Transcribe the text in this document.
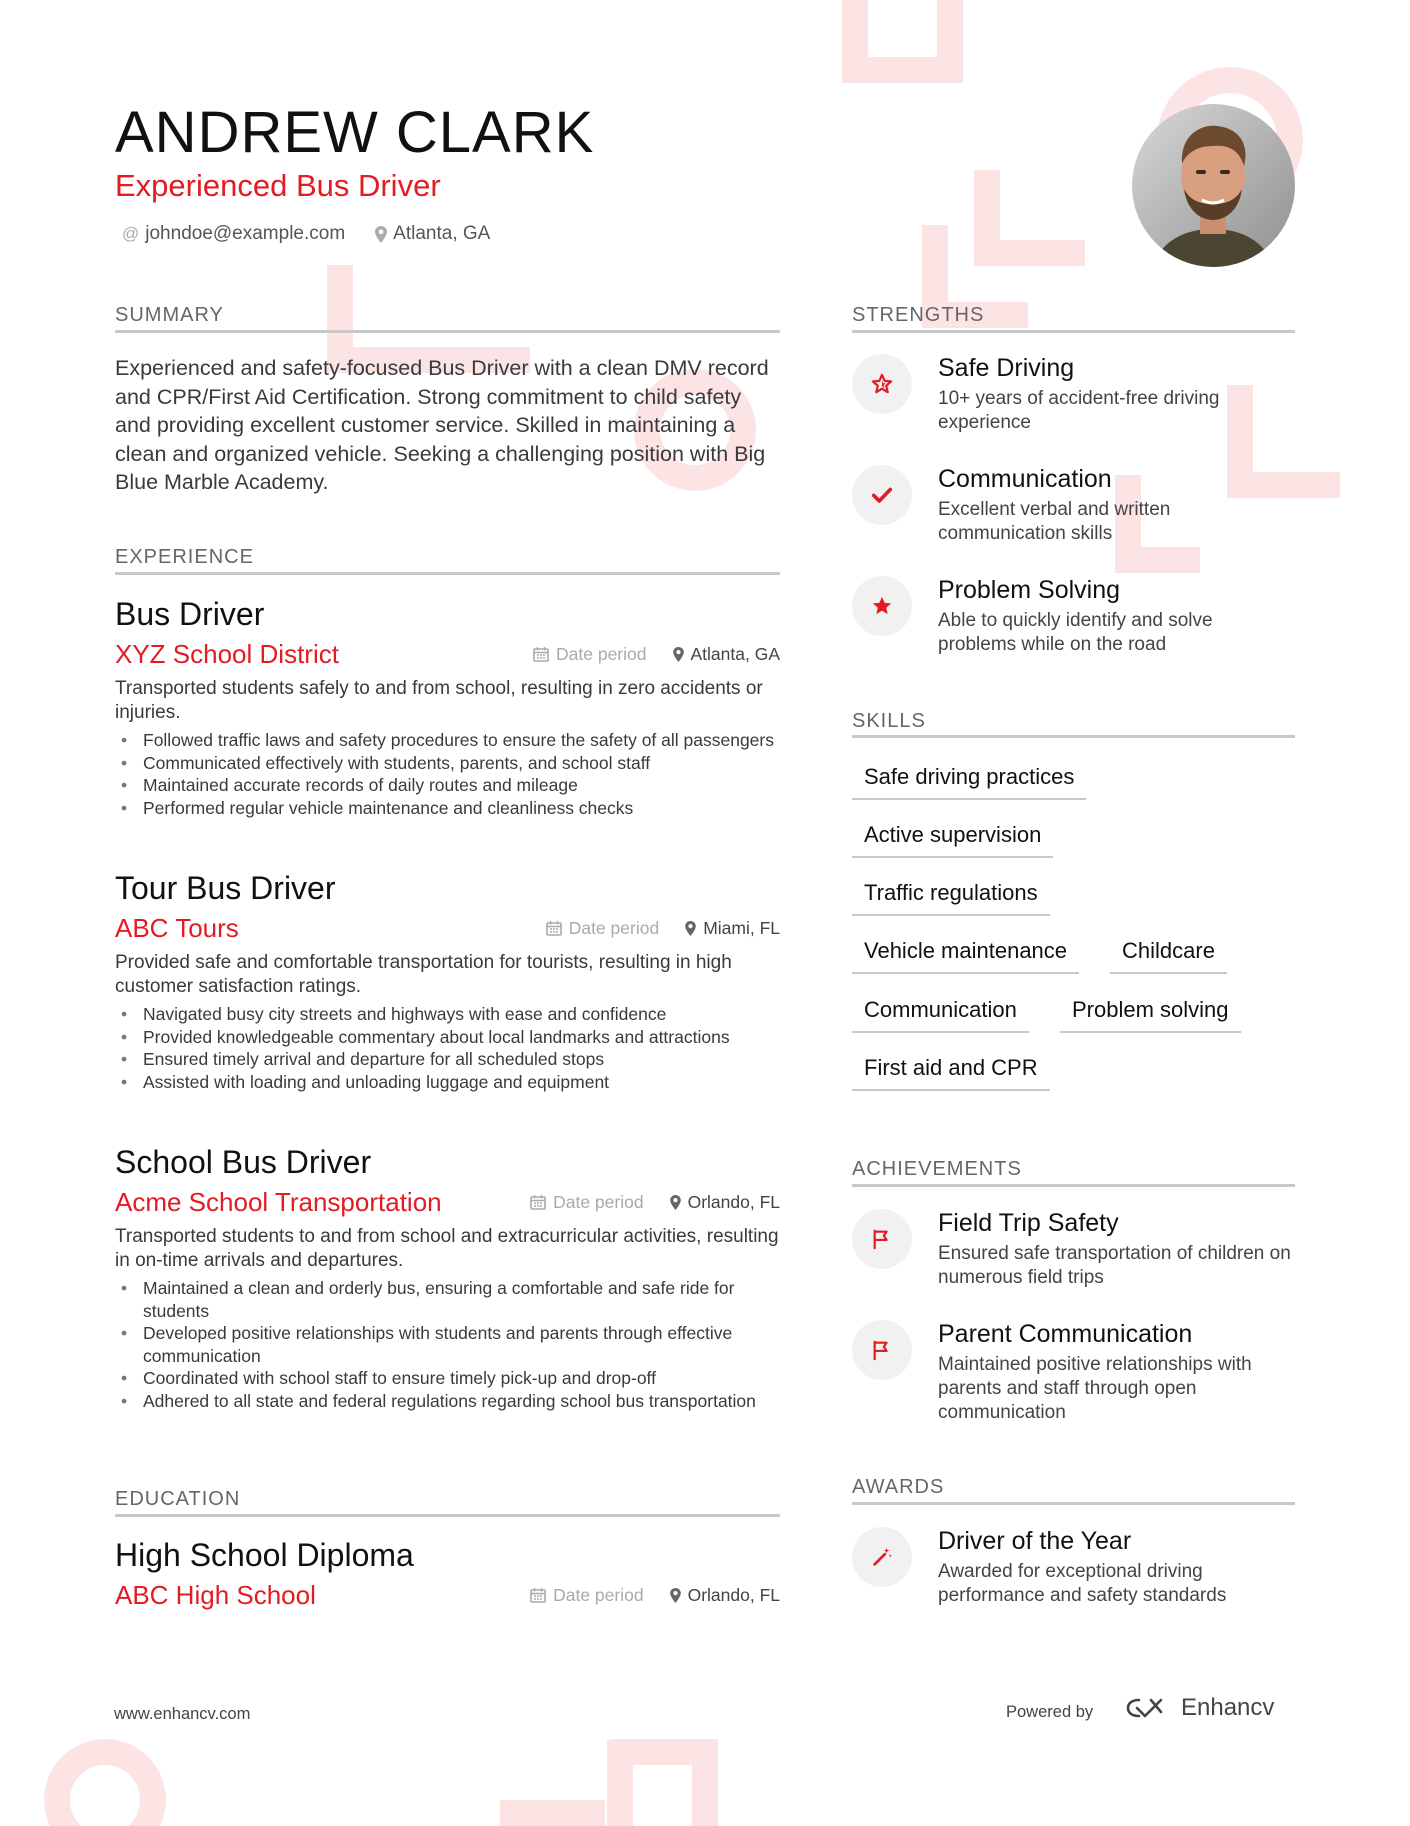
ANDREW CLARK
Experienced Bus Driver
@ johndoe@example.com	Atlanta, GA
SUMMARY
Experienced and safety-focused Bus Driver with a clean DMV record and CPR/First Aid Certification. Strong commitment to child safety and providing excellent customer service. Skilled in maintaining a clean and organized vehicle. Seeking a challenging position with Big Blue Marble Academy.
EXPERIENCE
Bus Driver
XYZ School District	Date period	Atlanta, GA
Transported students safely to and from school, resulting in zero accidents or injuries.
• Followed traffic laws and safety procedures to ensure the safety of all passengers
• Communicated effectively with students, parents, and school staff
• Maintained accurate records of daily routes and mileage
• Performed regular vehicle maintenance and cleanliness checks
Tour Bus Driver
ABC Tours	Date period	Miami, FL
Provided safe and comfortable transportation for tourists, resulting in high customer satisfaction ratings.
• Navigated busy city streets and highways with ease and confidence
• Provided knowledgeable commentary about local landmarks and attractions
• Ensured timely arrival and departure for all scheduled stops
• Assisted with loading and unloading luggage and equipment
School Bus Driver
Acme School Transportation	Date period	Orlando, FL
Transported students to and from school and extracurricular activities, resulting in on-time arrivals and departures.
• Maintained a clean and orderly bus, ensuring a comfortable and safe ride for students
• Developed positive relationships with students and parents through effective communication
• Coordinated with school staff to ensure timely pick-up and drop-off
• Adhered to all state and federal regulations regarding school bus transportation
EDUCATION
High School Diploma
ABC High School	Date period	Orlando, FL
STRENGTHS
Safe Driving
10+ years of accident-free driving experience
Communication
Excellent verbal and written communication skills
Problem Solving
Able to quickly identify and solve problems while on the road
SKILLS
Safe driving practices
Active supervision
Traffic regulations
Vehicle maintenance	Childcare
Communication	Problem solving
First aid and CPR
ACHIEVEMENTS
Field Trip Safety
Ensured safe transportation of children on numerous field trips
Parent Communication
Maintained positive relationships with parents and staff through open communication
AWARDS
Driver of the Year
Awarded for exceptional driving performance and safety standards
www.enhancv.com	Powered by	Enhancv
